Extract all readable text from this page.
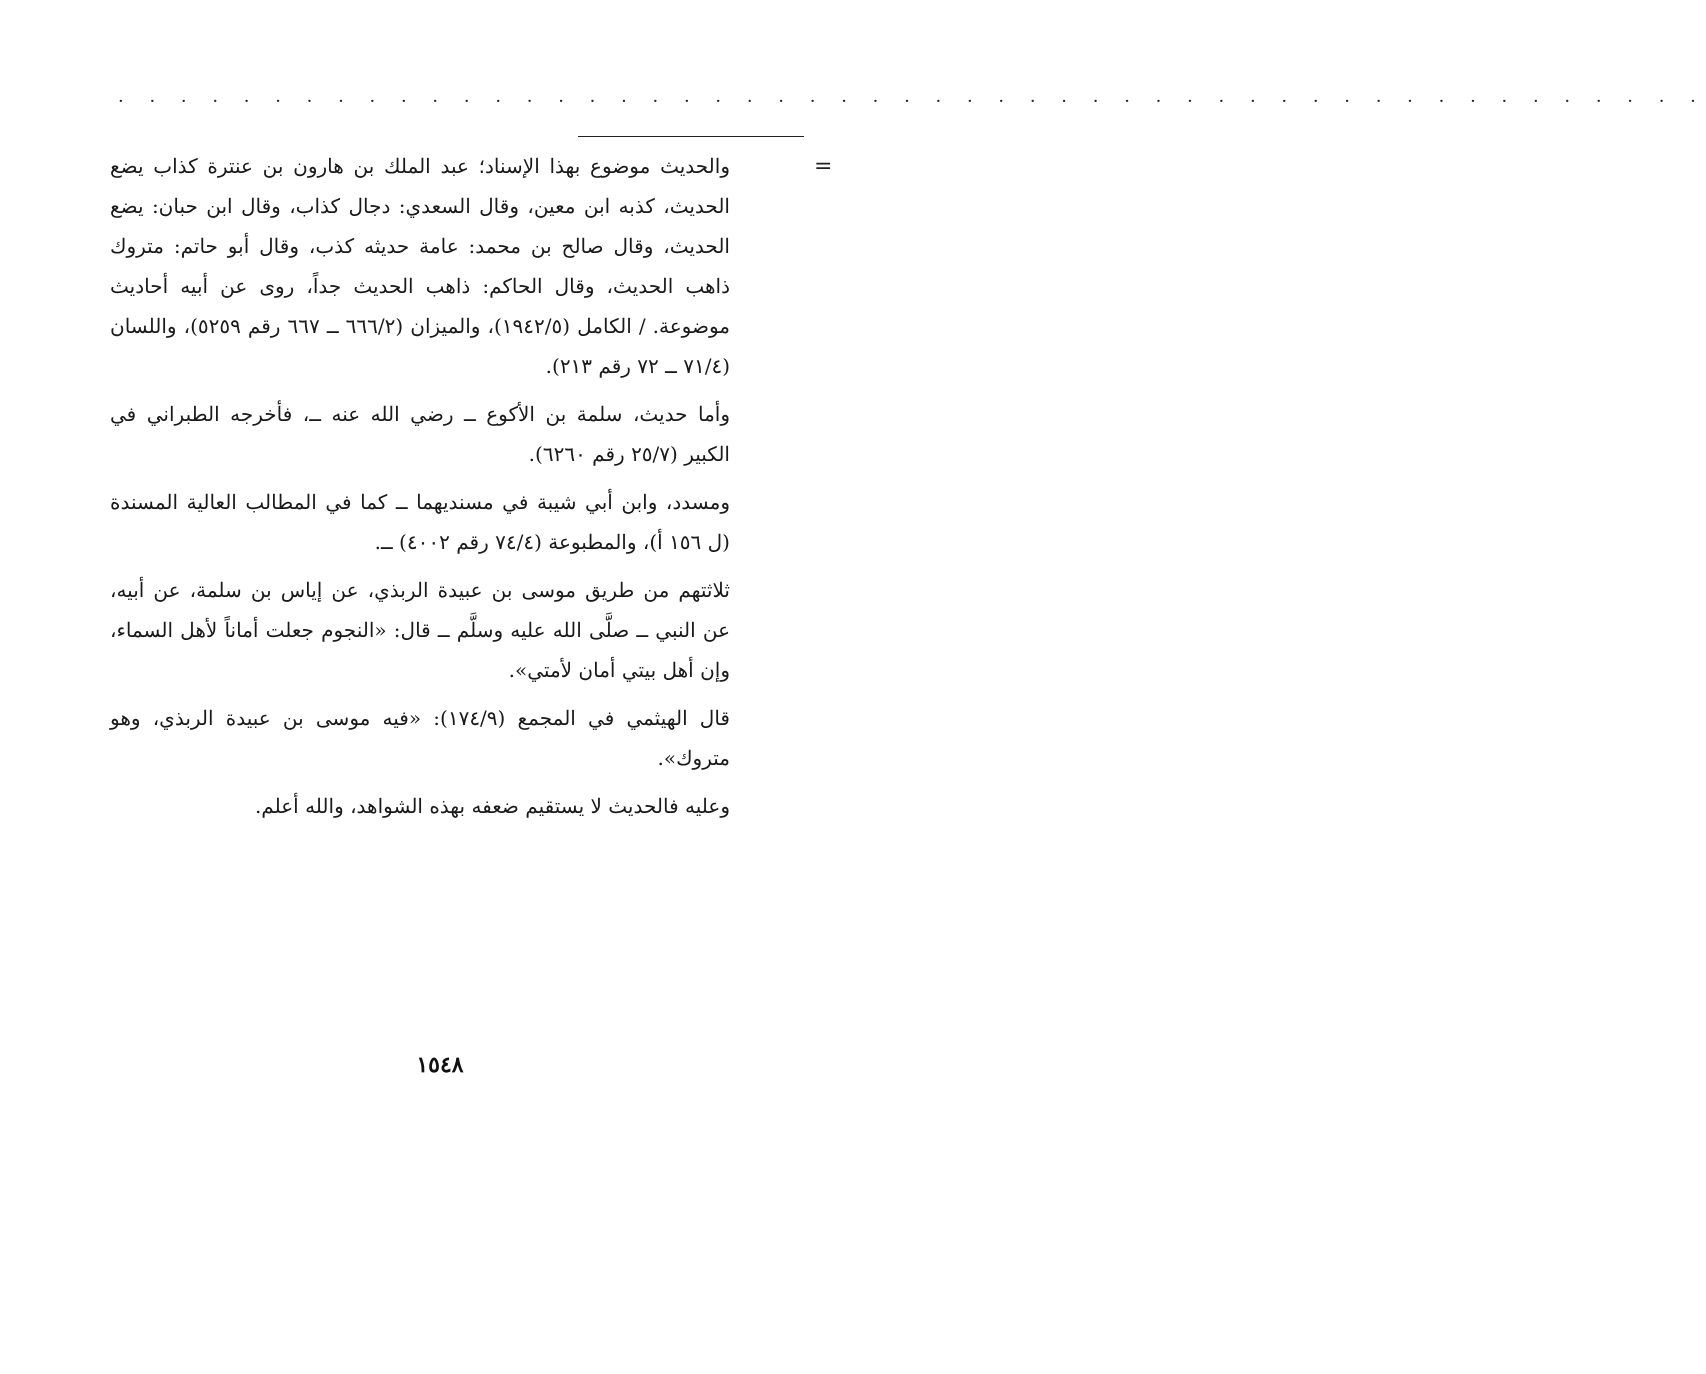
· · · · · · · · · · · · · · · · · · · · · · · · · · · · · · · · · · · · · · · · · · · · · · · · · · ·
=

والحديث موضوع بهذا الإسناد؛ عبد الملك بن هارون بن عنترة كذاب يضع الحديث، كذبه ابن معين، وقال السعدي: دجال كذاب، وقال ابن حبان: يضع الحديث، وقال صالح بن محمد: عامة حديثه كذب، وقال أبو حاتم: متروك ذاهب الحديث، وقال الحاكم: ذاهب الحديث جداً، روى عن أبيه أحاديث موضوعة. / الكامل (١٩٤٢/٥)، والميزان (٦٦٦/٢ ــ ٦٦٧ رقم ٥٢٥٩)، واللسان (٧١/٤ ــ ٧٢ رقم ٢١٣).

وأما حديث، سلمة بن الأكوع ــ رضي الله عنه ــ، فأخرجه الطبراني في الكبير (٢٥/٧ رقم ٦٢٦٠).

ومسدد، وابن أبي شيبة في مسنديهما ــ كما في المطالب العالية المسندة (ل ١٥٦ أ)، والمطبوعة (٧٤/٤ رقم ٤٠٠٢) ــ.

ثلاثتهم من طريق موسى بن عبيدة الربذي، عن إياس بن سلمة، عن أبيه، عن النبي ــ صلَّى الله عليه وسلَّم ــ قال: «النجوم جعلت أماناً لأهل السماء، وإن أهل بيتي أمان لأمتي».

قال الهيثمي في المجمع (١٧٤/٩): «فيه موسى بن عبيدة الربذي، وهو متروك».

وعليه فالحديث لا يستقيم ضعفه بهذه الشواهد، والله أعلم.

١٥٤٨
